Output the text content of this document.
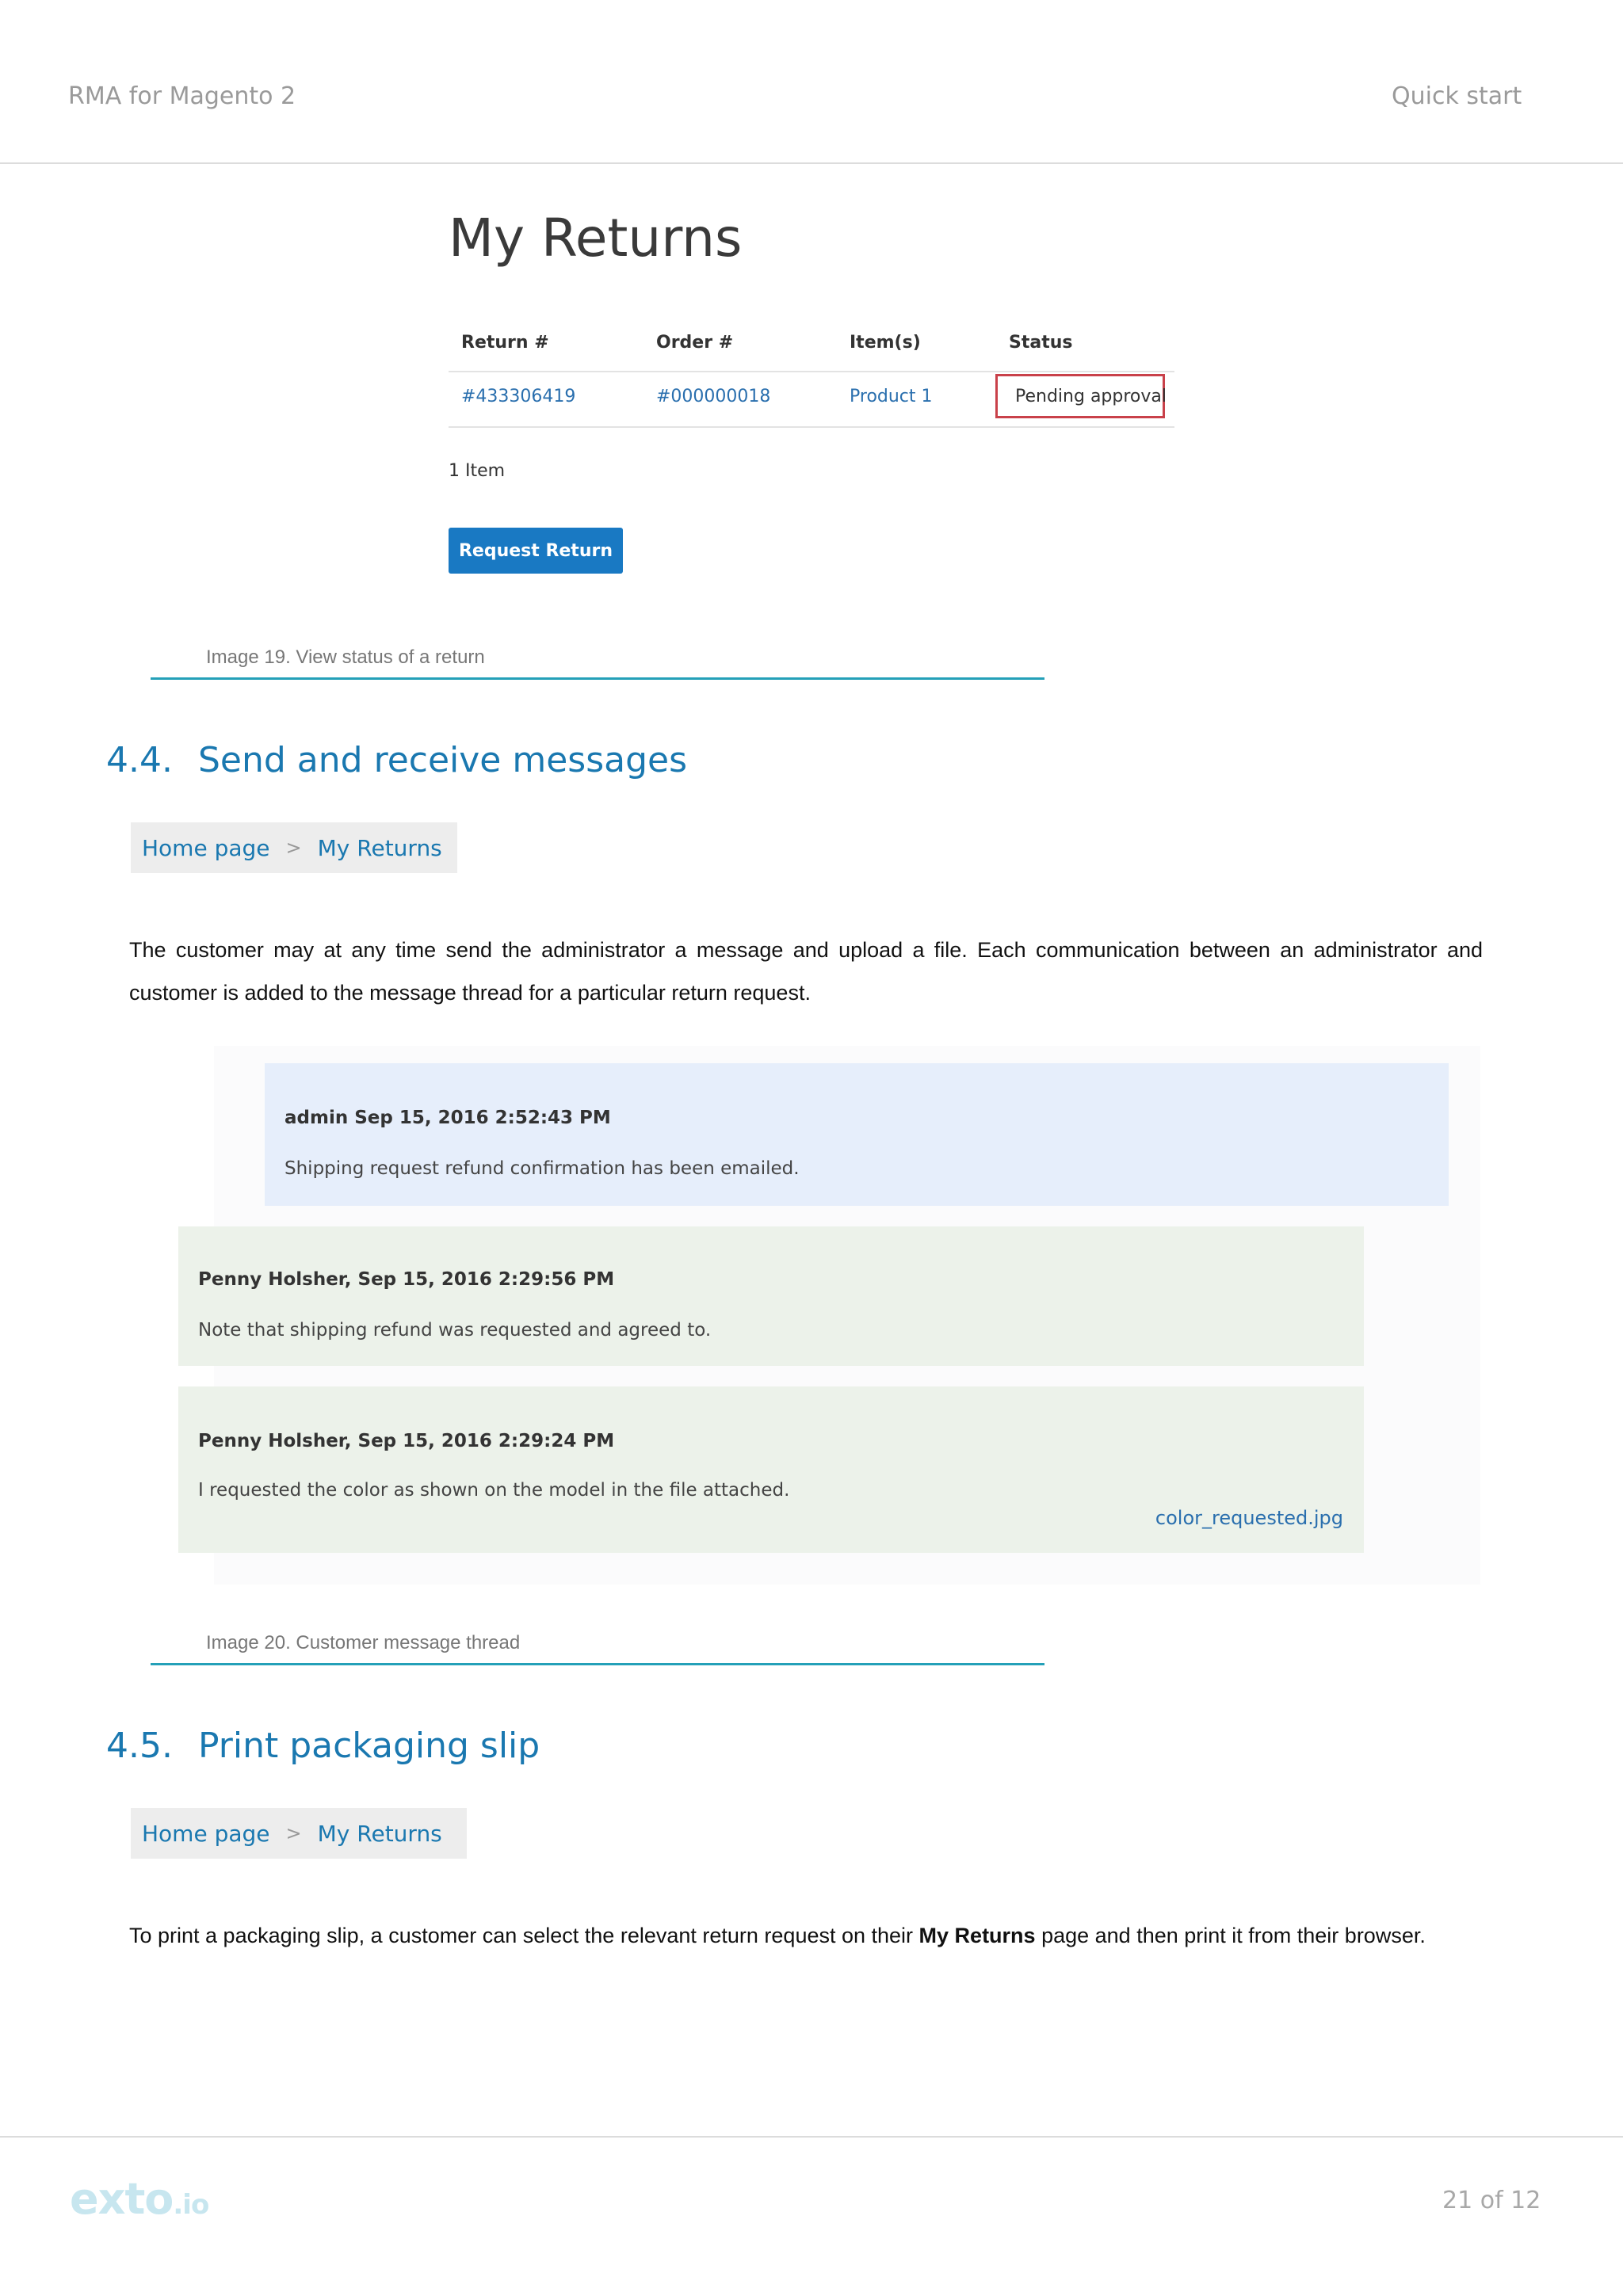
RMA for Magento 2	Quick start
My Returns
Return #	Order #	Item(s)	Status
#433306419	#000000018	Product 1	Pending approval
1 Item
Request Return
Image 19. View status of a return
4.4. Send and receive messages
Home page > My Returns
The customer may at any time send the administrator a message and upload a file. Each communication between an administrator and customer is added to the message thread for a particular return request.
admin Sep 15, 2016 2:52:43 PM
Shipping request refund confirmation has been emailed.
Penny Holsher, Sep 15, 2016 2:29:56 PM
Note that shipping refund was requested and agreed to.
Penny Holsher, Sep 15, 2016 2:29:24 PM
I requested the color as shown on the model in the file attached.
color_requested.jpg
Image 20. Customer message thread
4.5. Print packaging slip
Home page > My Returns
To print a packaging slip, a customer can select the relevant return request on their My Returns page and then print it from their browser.
exto.io	21 of 12
